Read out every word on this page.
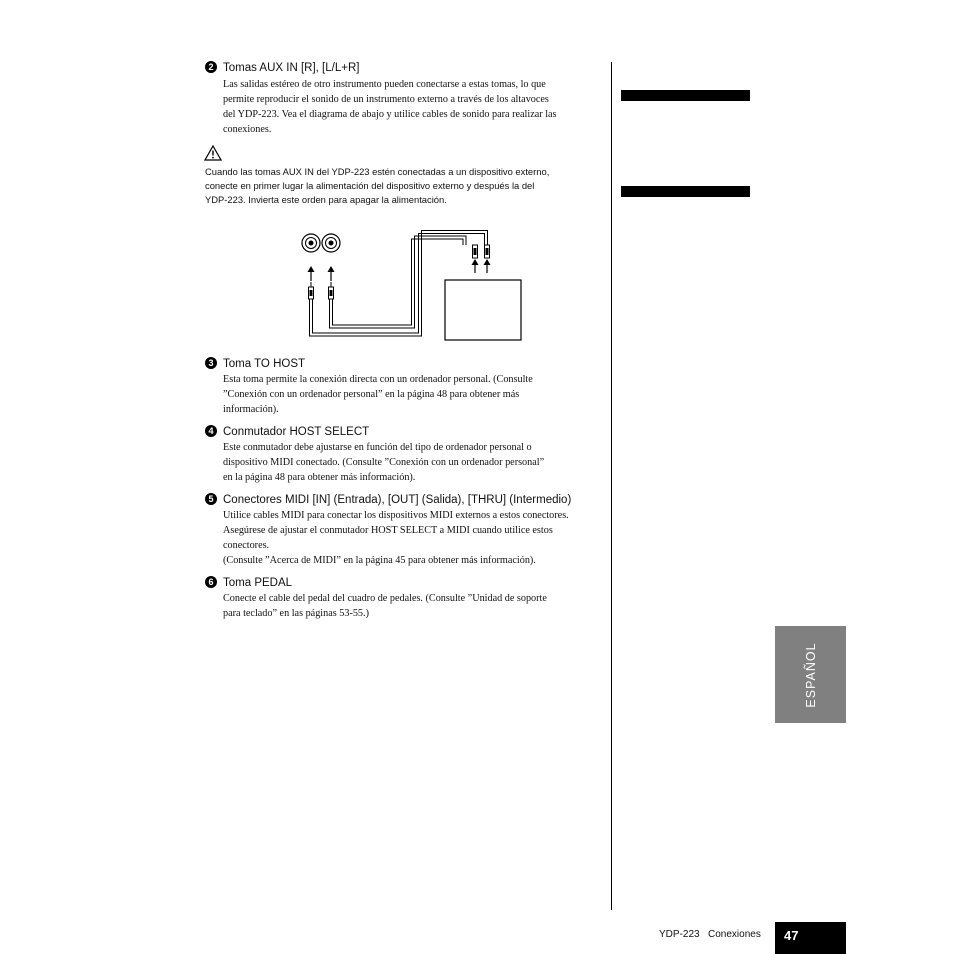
2 Tomas AUX IN [R], [L/L+R]
Las salidas estéreo de otro instrumento pueden conectarse a estas tomas, lo que
permite reproducir el sonido de un instrumento externo a través de los altavoces
del YDP-223. Vea el diagrama de abajo y utilice cables de sonido para realizar las
conexiones.
Cuando las tomas AUX IN del YDP-223 estén conectadas a un dispositivo externo,
conecte en primer lugar la alimentación del dispositivo externo y después la del
YDP-223. Invierta este orden para apagar la alimentación.
3 Toma TO HOST
Esta toma permite la conexión directa con un ordenador personal. (Consulte
”Conexión con un ordenador personal” en la página 48 para obtener más
información).
4 Conmutador HOST SELECT
Este conmutador debe ajustarse en función del tipo de ordenador personal o
dispositivo MIDI conectado. (Consulte ”Conexión con un ordenador personal”
en la página 48 para obtener más información).
5 Conectores MIDI [IN] (Entrada), [OUT] (Salida), [THRU] (Intermedio)
Utilice cables MIDI para conectar los dispositivos MIDI externos a estos conectores.
Asegúrese de ajustar el conmutador HOST SELECT a MIDI cuando utilice estos
conectores.
(Consulte ”Acerca de MIDI” en la página 45 para obtener más información).
6 Toma PEDAL
Conecte el cable del pedal del cuadro de pedales. (Consulte ”Unidad de soporte
para teclado” en las páginas 53-55.)
ESPAÑOL
YDP-223 Conexiones 47
